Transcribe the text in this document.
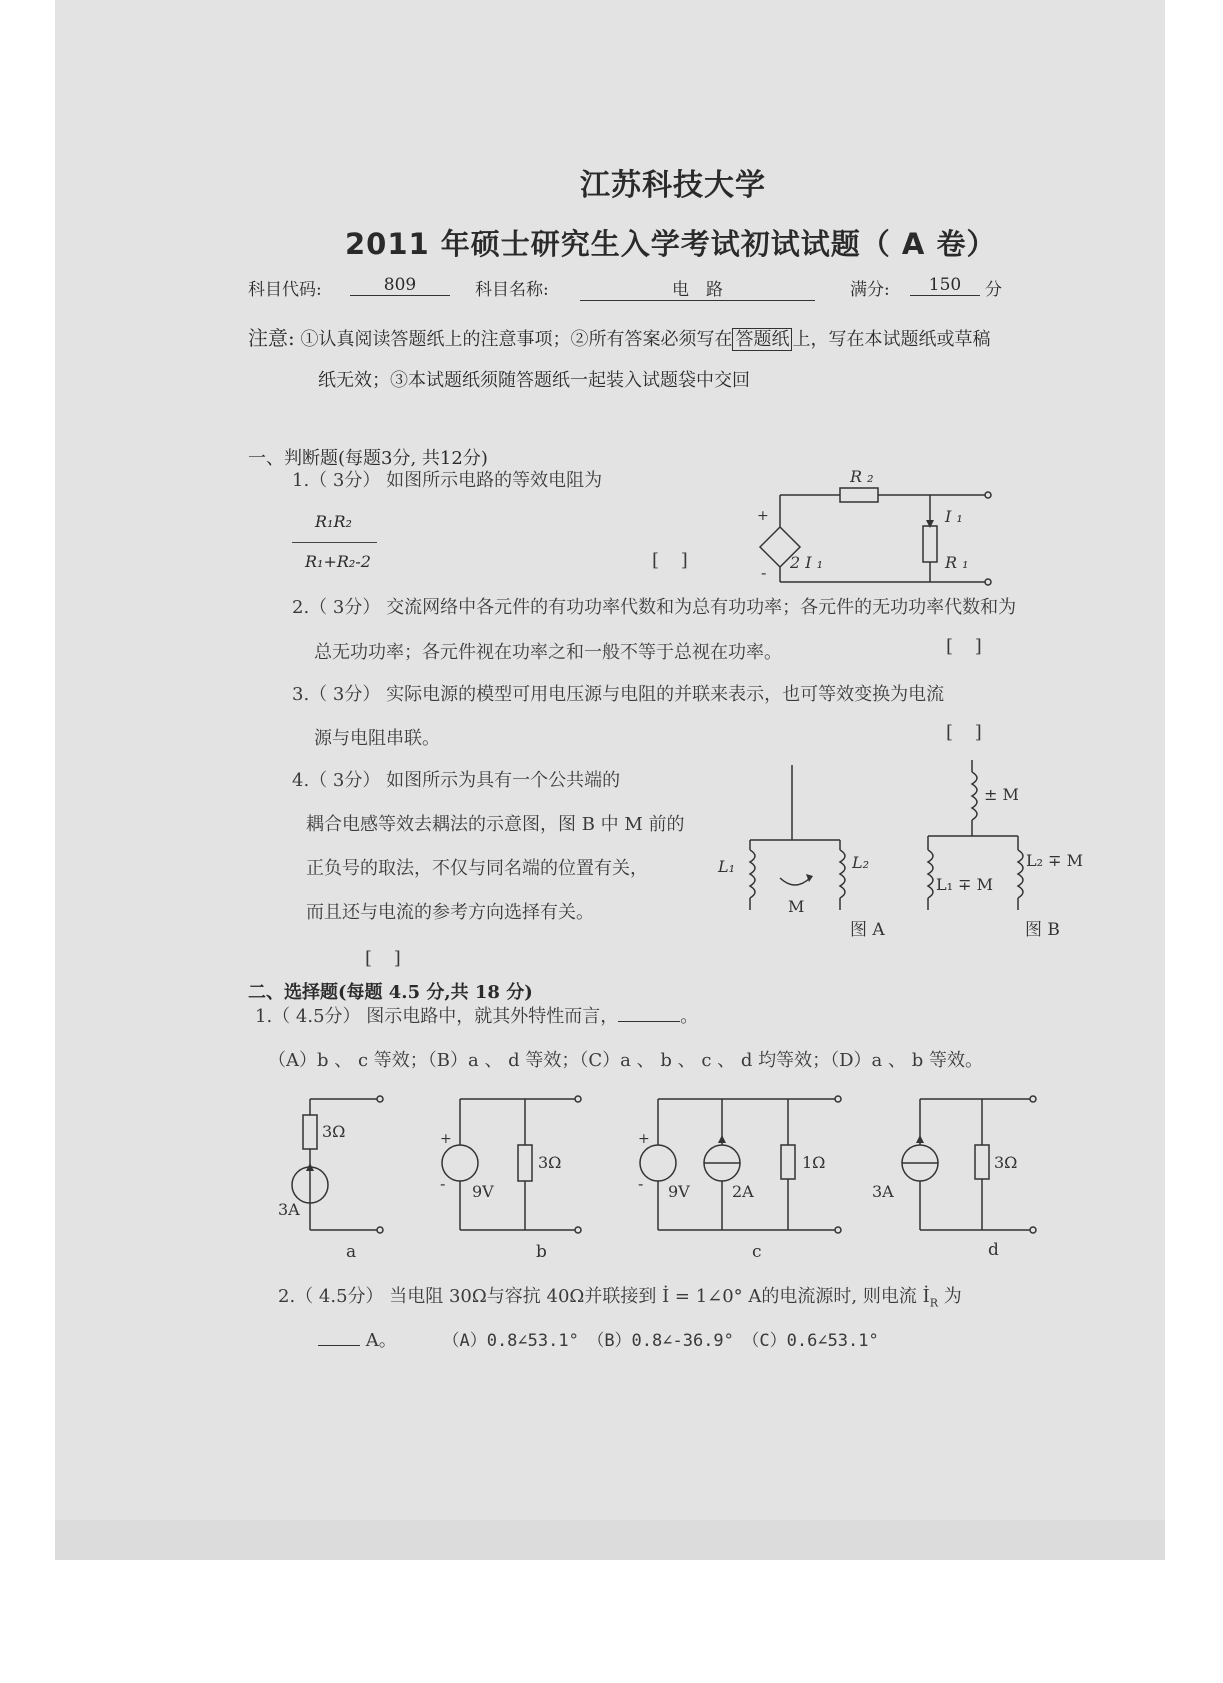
江苏科技大学
2011 年硕士研究生入学考试初试试题（ A 卷）
科目代码:	809	科目名称:	电　路	满分:	150	分
注意: ①认真阅读答题纸上的注意事项；②所有答案必须写在 答题纸 上，写在本试题纸或草稿
纸无效；③本试题纸须随答题纸一起装入试题袋中交回
一、判断题(每题3分, 共12分)
1.（ 3分） 如图所示电路的等效电阻为
R₁R₂
R₁+R₂-2	[ ]
R ₂
I ₁
R ₁
+
-
2 I ₁
2.（ 3分） 交流网络中各元件的有功功率代数和为总有功功率；各元件的无功功率代数和为
总无功功率；各元件视在功率之和一般不等于总视在功率。	[ ]
3.（ 3分） 实际电源的模型可用电压源与电阻的并联来表示，也可等效变换为电流
源与电阻串联。	[ ]
4.（ 3分） 如图所示为具有一个公共端的
耦合电感等效去耦法的示意图，图 B 中 M 前的
正负号的取法，不仅与同名端的位置有关，
而且还与电流的参考方向选择有关。
[ ]
L₁	L₂
M
图 A
± M
L₁ ∓ M
L₂ ∓ M
图 B
二、选择题(每题 4.5 分,共 18 分)
1.（ 4.5分） 图示电路中，就其外特性而言，	。
（A）b 、 c 等效；（B）a 、 d 等效；（C）a 、 b 、 c 、 d 均等效；（D）a 、 b 等效。
3Ω
3A
a
+
- 9V
3Ω
b
+
- 9V	2A
1Ω
c
3A
3Ω
d
2.（ 4.5分） 当电阻 30Ω与容抗 40Ω并联接到 İ = 1∠0° A的电流源时, 则电流 $İ_R$ 为
A。	（A）0.8∠53.1°　（B）0.8∠-36.9°　（C）0.6∠53.1°
